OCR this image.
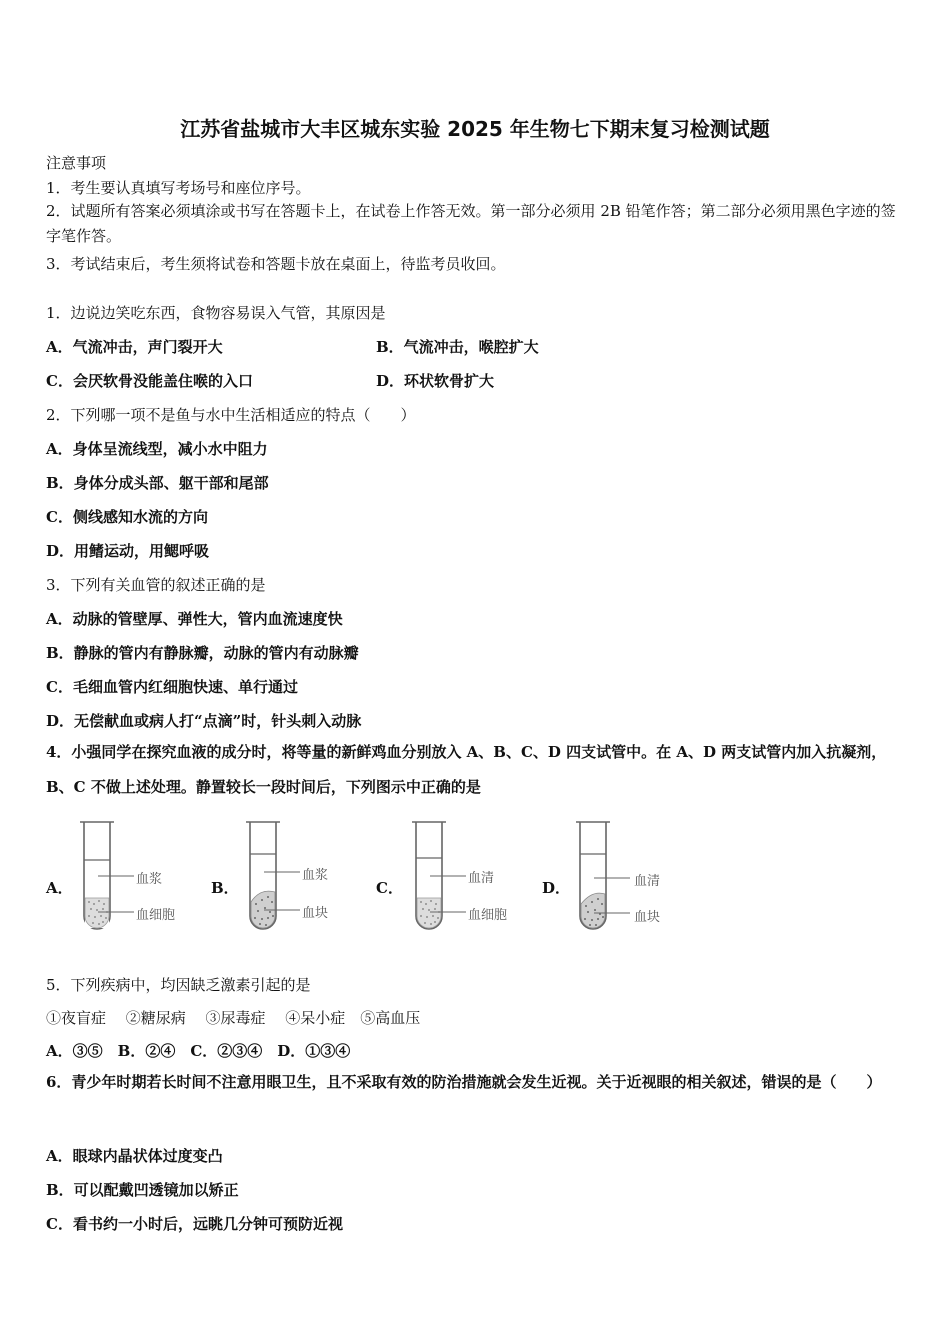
江苏省盐城市大丰区城东实验 2025 年生物七下期末复习检测试题
注意事项
1．考生要认真填写考场号和座位序号。
2．试题所有答案必须填涂或书写在答题卡上，在试卷上作答无效。第一部分必须用 2B 铅笔作答；第二部分必须用黑色字迹的签字笔作答。
3．考试结束后，考生须将试卷和答题卡放在桌面上，待监考员收回。
1．边说边笑吃东西，食物容易误入气管，其原因是
A．气流冲击，声门裂开大	B．气流冲击，喉腔扩大
C．会厌软骨没能盖住喉的入口	D．环状软骨扩大
2．下列哪一项不是鱼与水中生活相适应的特点（　　）
A．身体呈流线型，减小水中阻力
B．身体分成头部、躯干部和尾部
C．侧线感知水流的方向
D．用鳍运动，用鳃呼吸
3．下列有关血管的叙述正确的是
A．动脉的管壁厚、弹性大，管内血流速度快
B．静脉的管内有静脉瓣，动脉的管内有动脉瓣
C．毛细血管内红细胞快速、单行通过
D．无偿献血或病人打“点滴”时，针头刺入动脉
4．小强同学在探究血液的成分时，将等量的新鲜鸡血分别放入 A、B、C、D 四支试管中。在 A、D 两支试管内加入抗凝剂，B、C 不做上述处理。静置较长一段时间后，下列图示中正确的是
A．	血浆
血细胞
B．
血浆
血块
C．
血清
血细胞
D．	血清
血块
5．下列疾病中，均因缺乏激素引起的是
①夜盲症　 ②糖尿病　 ③尿毒症　 ④呆小症　⑤高血压
A．③⑤　B．②④　C．②③④　D．①③④
6．青少年时期若长时间不注意用眼卫生，且不采取有效的防治措施就会发生近视。关于近视眼的相关叙述，错误的是（　　）
A．眼球内晶状体过度变凸
B．可以配戴凹透镜加以矫正
C．看书约一小时后，远眺几分钟可预防近视
